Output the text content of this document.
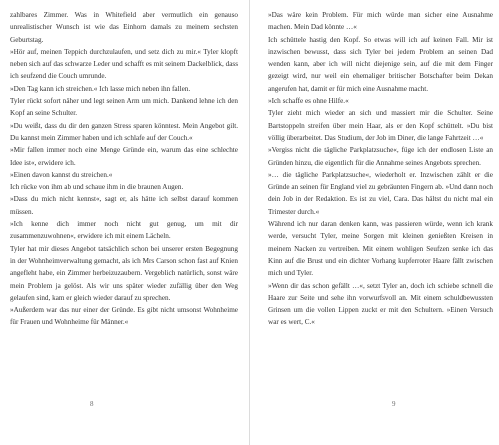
zahlbares Zimmer. Was in Whitefield aber vermutlich ein genauso unrealistischer Wunsch ist wie das Einhorn damals zu meinem sechsten Geburtstag.

»Hör auf, meinen Teppich durchzulaufen, und setz dich zu mir.« Tyler klopft neben sich auf das schwarze Leder und schafft es mit seinem Dackelblick, dass ich seufzend die Couch umrunde.

»Den Tag kann ich streichen.« Ich lasse mich neben ihn fallen.

Tyler rückt sofort näher und legt seinen Arm um mich. Dankend lehne ich den Kopf an seine Schulter.

»Du weißt, dass du dir den ganzen Stress sparen könntest. Mein Angebot gilt. Du kannst mein Zimmer haben und ich schlafe auf der Couch.«

»Mir fallen immer noch eine Menge Gründe ein, warum das eine schlechte Idee ist«, erwidere ich.

»Einen davon kannst du streichen.«

Ich rücke von ihm ab und schaue ihm in die braunen Augen.

»Dass du mich nicht kennst«, sagt er, als hätte ich selbst darauf kommen müssen.

»Ich kenne dich immer noch nicht gut genug, um mit dir zusammenzuwohnen«, erwidere ich mit einem Lächeln.

Tyler hat mir dieses Angebot tatsächlich schon bei unserer ersten Begegnung in der Wohnheimverwaltung gemacht, als ich Mrs Carson schon fast auf Knien angefleht habe, ein Zimmer herbeizuzaubern. Vergeblich natürlich, sonst wäre mein Problem ja gelöst. Als wir uns später wieder zufällig über den Weg gelaufen sind, kam er gleich wieder darauf zu sprechen.

»Außerdem war das nur einer der Gründe. Es gibt nicht umsonst Wohnheime für Frauen und Wohnheime für Männer.«

8

»Das wäre kein Problem. Für mich würde man sicher eine Ausnahme machen. Mein Dad könnte …«

Ich schüttele hastig den Kopf. So etwas will ich auf keinen Fall. Mir ist inzwischen bewusst, dass sich Tyler bei jedem Problem an seinen Dad wenden kann, aber ich will nicht diejenige sein, auf die mit dem Finger gezeigt wird, nur weil ein ehemaliger britischer Botschafter beim Dekan angerufen hat, damit er für mich eine Ausnahme macht.

»Ich schaffe es ohne Hilfe.«

Tyler zieht mich wieder an sich und massiert mir die Schulter. Seine Bartstoppeln streifen über mein Haar, als er den Kopf schüttelt. »Du bist völlig überarbeitet. Das Studium, der Job im Diner, die lange Fahrtzeit …«

»Vergiss nicht die tägliche Parkplatzsuche«, füge ich der endlosen Liste an Gründen hinzu, die eigentlich für die Annahme seines Angebots sprechen.

»… die tägliche Parkplatzsuche«, wiederholt er. Inzwischen zählt er die Gründe an seinen für England viel zu gebräunten Fingern ab. »Und dann noch dein Job in der Redaktion. Es ist zu viel, Cara. Das hältst du nicht mal ein Trimester durch.«

Während ich nur daran denken kann, was passieren würde, wenn ich krank werde, versucht Tyler, meine Sorgen mit kleinen genießten Kreisen in meinem Nacken zu vertreiben. Mit einem wohligen Seufzen senke ich das Kinn auf die Brust und ein dichter Vorhang kupferroter Haare fällt zwischen mich und Tyler.

»Wenn dir das schon gefällt …«, setzt Tyler an, doch ich schiebe schnell die Haare zur Seite und sehe ihn vorwurfsvoll an. Mit einem schuldbewussten Grinsen um die vollen Lippen zuckt er mit den Schultern. »Einen Versuch war es wert, C.«

9
